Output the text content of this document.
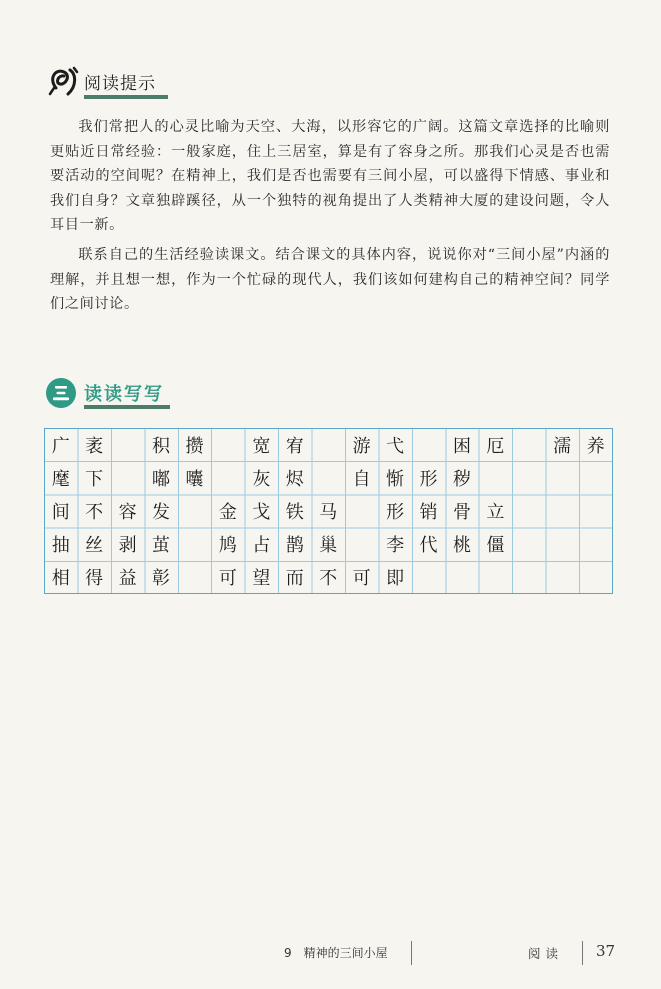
阅读提示

我们常把人的心灵比喻为天空、大海，以形容它的广阔。这篇文章选择的比喻则更贴近日常经验：一般家庭，住上三居室，算是有了容身之所。那我们心灵是否也需要活动的空间呢？在精神上，我们是否也需要有三间小屋，可以盛得下情感、事业和我们自身？文章独辟蹊径，从一个独特的视角提出了人类精神大厦的建设问题，令人耳目一新。

联系自己的生活经验读课文。结合课文的具体内容，说说你对“三间小屋”内涵的理解，并且想一想，作为一个忙碌的现代人，我们该如何建构自己的精神空间？同学们之间讨论。

读读写写
广 袤	积 攒	宽 宥	游 弋	困 厄	濡 养
麾 下	嘟 囔	灰 烬	自 惭 形 秽
间 不 容 发	金 戈 铁 马	形 销 骨 立
抽 丝 剥 茧	鸠 占 鹊 巢	李 代 桃 僵
相 得 益 彰	可 望 而 不 可 即
9　精神的三间小屋	阅读 37
